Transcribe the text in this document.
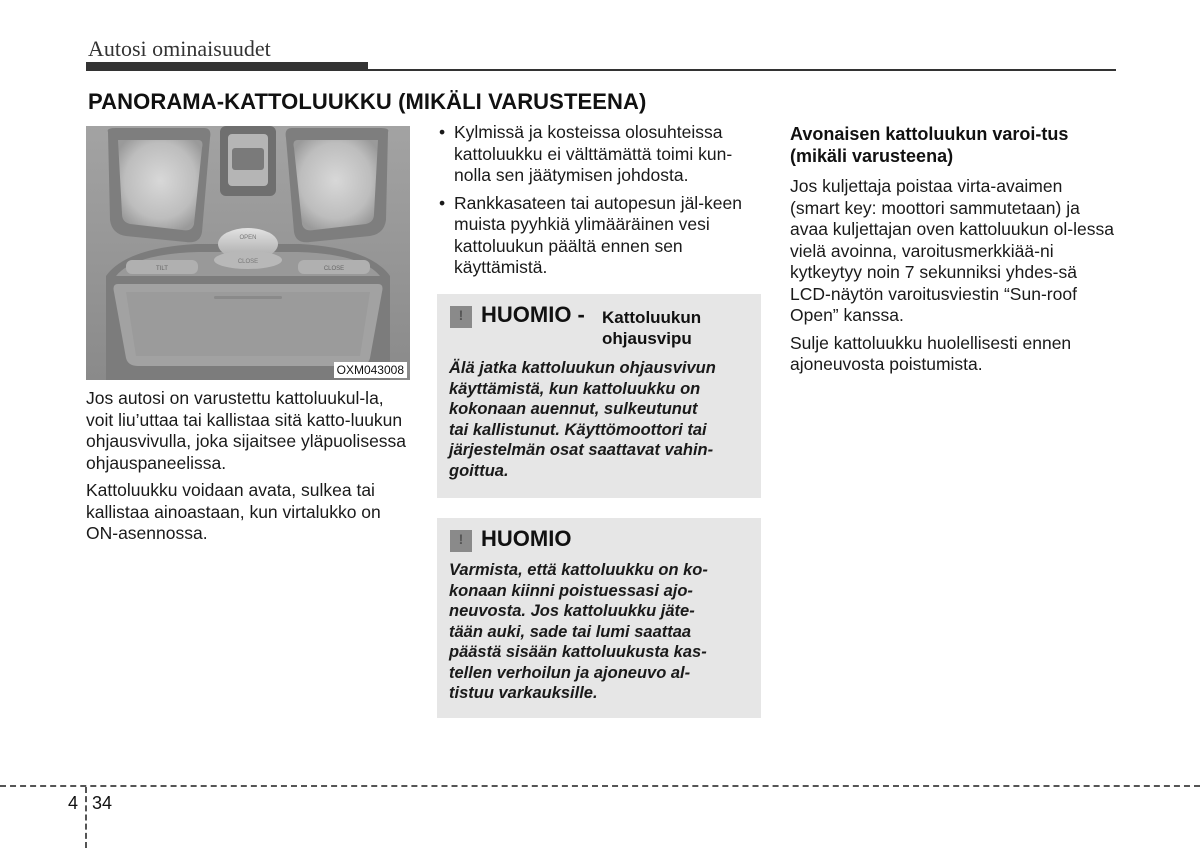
Autosi ominaisuudet
PANORAMA-KATTOLUUKKU (MIKÄLI VARUSTEENA)
TILT	CLOSE
OPEN
CLOSE
OXM043008

Jos autosi on varustettu kattoluukul-la, voit liu’uttaa tai kallistaa sitä katto-luukun ohjausvivulla, joka sijaitsee yläpuolisessa ohjauspaneelissa.

Kattoluukku voidaan avata, sulkea tai kallistaa ainoastaan, kun virtalukko on ON-asennossa.

• Kylmissä ja kosteissa olosuhteissa kattoluukku ei välttämättä toimi kun-nolla sen jäätymisen johdosta.
• Rankkasateen tai autopesun jäl-keen muista pyyhkiä ylimääräinen vesi kattoluukun päältä ennen sen käyttämistä.
! HUOMIO - Kattoluukun
ohjausvipu
Älä jatka kattoluukun ohjausvivun
käyttämistä, kun kattoluukku on
kokonaan auennut, sulkeutunut
tai kallistunut. Käyttömoottori tai
järjestelmän osat saattavat vahin-
goittua.
! HUOMIO
Varmista, että kattoluukku on ko-
konaan kiinni poistuessasi ajo-
neuvosta. Jos kattoluukku jäte-
tään auki, sade tai lumi saattaa
päästä sisään kattoluukusta kas-
tellen verhoilun ja ajoneuvo al-
tistuu varkauksille.
Avonaisen kattoluukun varoi-tus (mikäli varusteena)

Jos kuljettaja poistaa virta-avaimen (smart key: moottori sammutetaan) ja avaa kuljettajan oven kattoluukun ol-lessa vielä avoinna, varoitusmerkkiää-ni kytkeytyy noin 7 sekunniksi yhdes-sä LCD-näytön varoitusviestin “Sun-roof Open” kanssa.

Sulje kattoluukku huolellisesti ennen ajoneuvosta poistumista.

4 34
